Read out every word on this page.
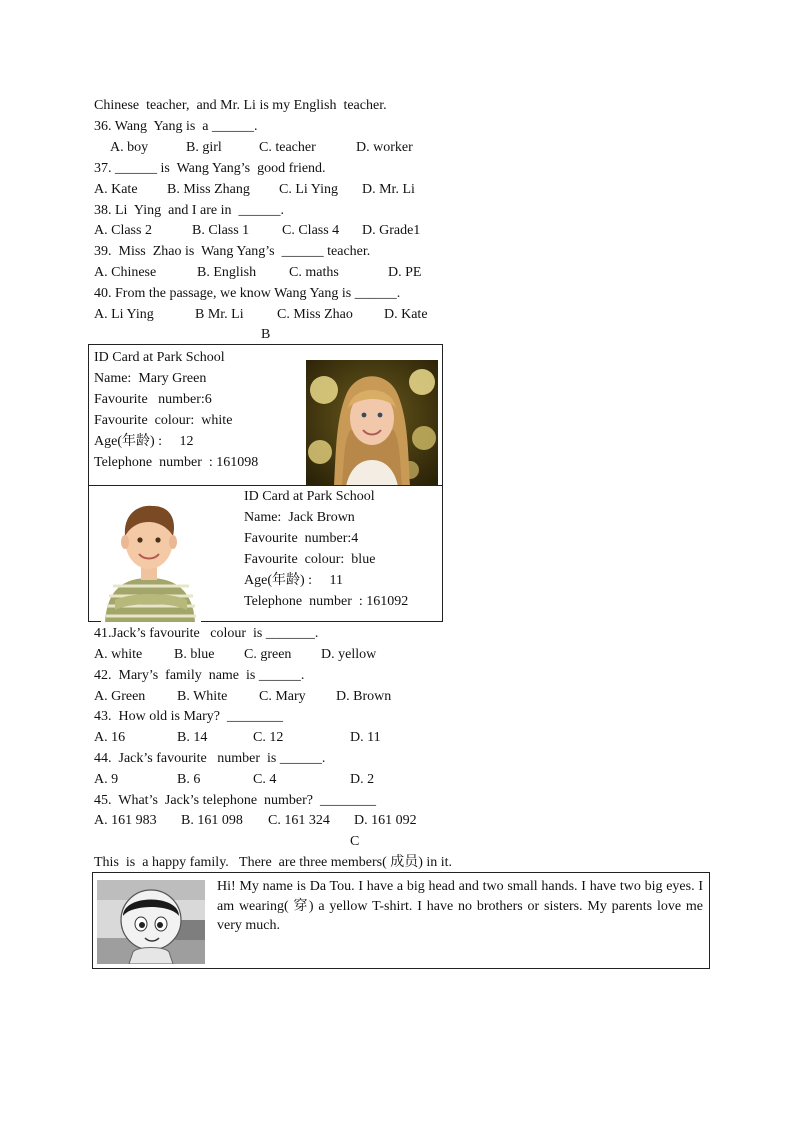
Chinese  teacher,  and Mr. Li is my English  teacher.
36. Wang  Yang is  a ______.
A. boy	B. girl	C. teacher	D. worker
37. ______ is  Wang Yang’s  good friend.
A. Kate B. Miss Zhang C. Li Ying D. Mr. Li
38. Li  Ying  and I are in  ______.
A. Class 2	B. Class 1 C. Class 4 D. Grade1
39.  Miss  Zhao is  Wang Yang’s  ______ teacher.
A. Chinese	B. English C. maths	D. PE
40. From the passage, we know Wang Yang is ______.
A. Li Ying	B Mr. Li C. Miss Zhao D. Kate
B
ID Card at Park School
Name:  Mary Green
Favourite   number:6
Favourite  colour:  white
Age(年龄) :     12
Telephone  number  : 161098
ID Card at Park School
Name:  Jack Brown
Favourite  number:4
Favourite  colour:  blue
Age(年龄) :     11
Telephone  number  : 161092
41.Jack’s favourite   colour  is _______.
A. white B. blue C. green D. yellow
42.  Mary’s  family  name  is ______.
A. Green B. White C. Mary D. Brown
43.  How old is Mary?  ________
A. 16	B. 14	C. 12	D. 11
44.  Jack’s favourite   number  is ______.
A. 9	B. 6	C. 4	D. 2
45.  What’s  Jack’s telephone  number?  ________
A. 161 983 B. 161 098 C. 161 324 D. 161 092
C
This  is  a happy family.   There  are three members( 成员) in it.
Hi! My name is Da Tou. I have a big head and two small hands. I have two big eyes. I am wearing( 穿) a yellow T-shirt. I have no brothers or sisters. My parents love me very much.
